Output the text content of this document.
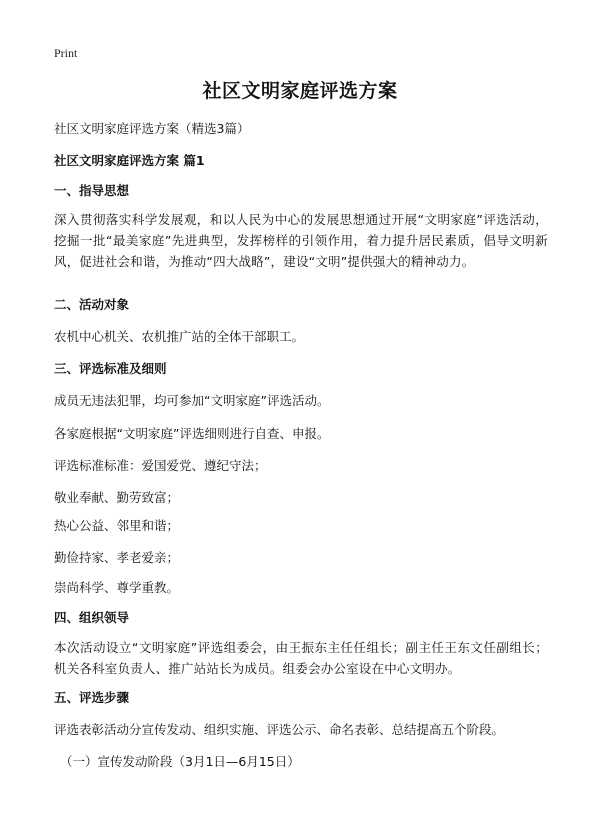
Print
社区文明家庭评选方案
社区文明家庭评选方案（精选3篇）
社区文明家庭评选方案 篇1
一、指导思想
深入贯彻落实科学发展观，和以人民为中心的发展思想通过开展“文明家庭”评选活动，挖掘一批“最美家庭”先进典型，发挥榜样的引领作用，着力提升居民素质，倡导文明新风，促进社会和谐，为推动“四大战略”，建设“文明”提供强大的精神动力。
二、活动对象
农机中心机关、农机推广站的全体干部职工。
三、评选标准及细则
成员无违法犯罪，均可参加“文明家庭”评选活动。
各家庭根据“文明家庭”评选细则进行自查、申报。
评选标准标准：爱国爱党、遵纪守法；
敬业奉献、勤劳致富；
热心公益、邻里和谐；
勤俭持家、孝老爱亲；
崇尚科学、尊学重教。
四、组织领导
本次活动设立“文明家庭”评选组委会，由王振东主任任组长；副主任王东文任副组长；机关各科室负责人、推广站站长为成员。组委会办公室设在中心文明办。
五、评选步骤
评选表彰活动分宣传发动、组织实施、评选公示、命名表彰、总结提高五个阶段。
（一）宣传发动阶段（3月1日—6月15日）
